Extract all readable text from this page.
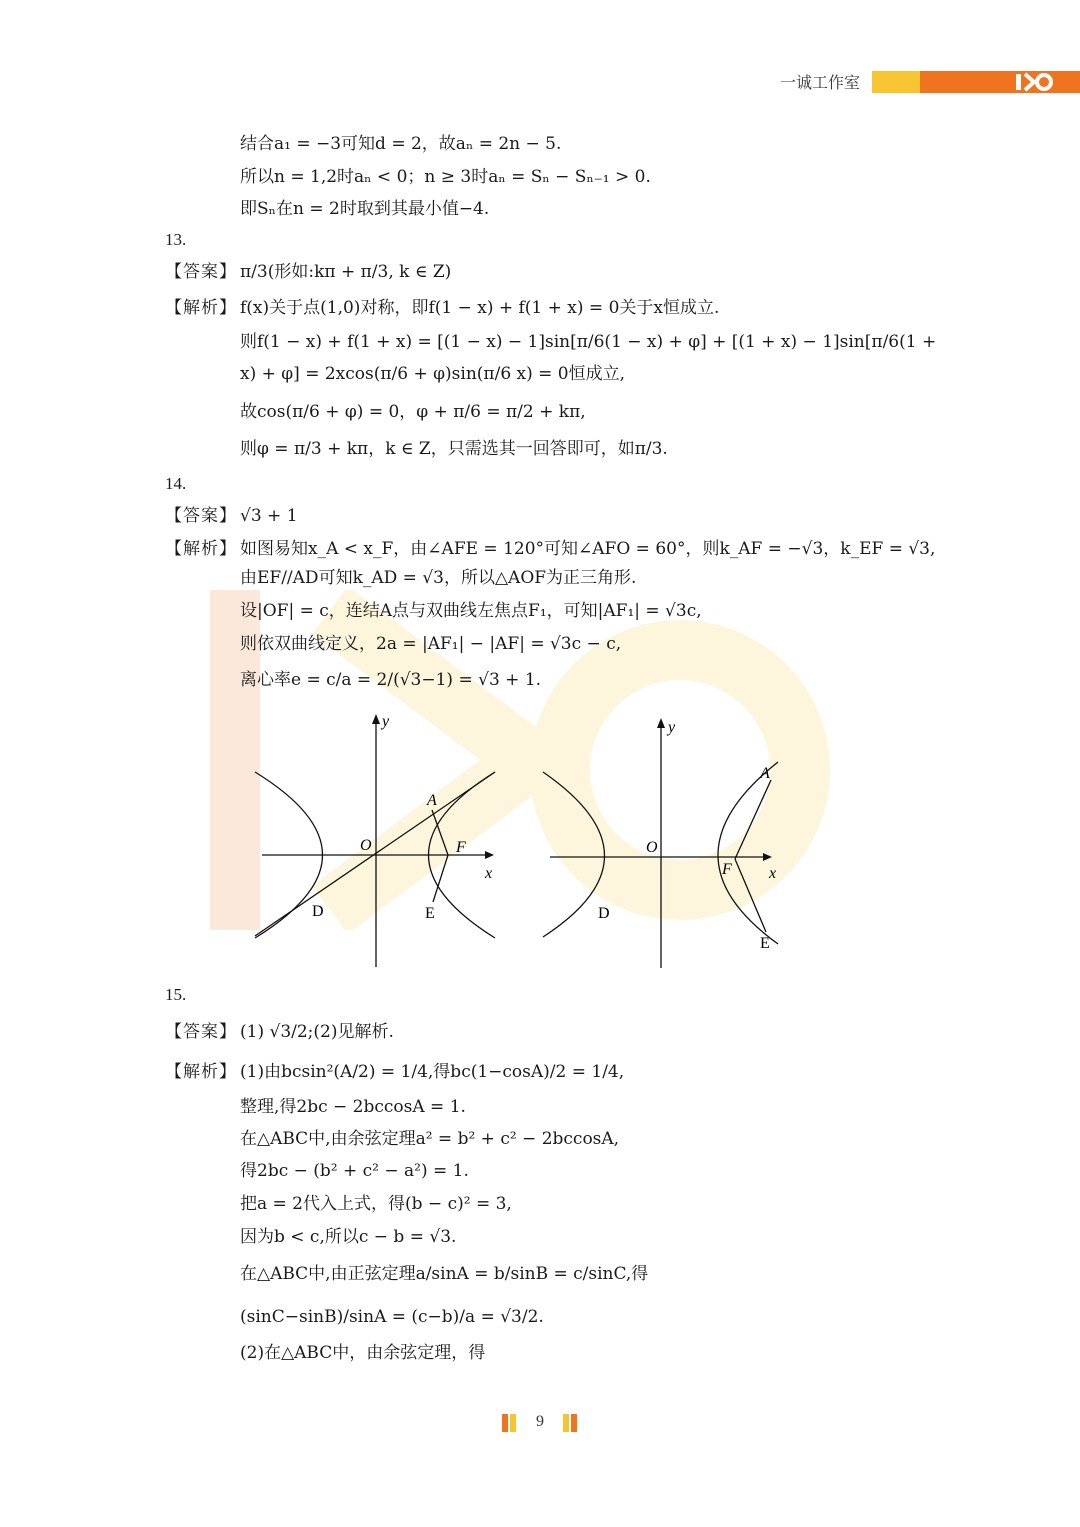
一诚工作室
结合a₁ = −3可知d = 2，故aₙ = 2n − 5.
所以n = 1,2时aₙ < 0；n ≥ 3时aₙ = Sₙ − Sₙ₋₁ > 0.
即Sₙ在n = 2时取到其最小值−4.
13.
【答案】 π/3(形如:kπ + π/3, k ∈ Z)
【解析】 f(x)关于点(1,0)对称，即f(1 − x) + f(1 + x) = 0关于x恒成立.
则f(1 − x) + f(1 + x) = [(1 − x) − 1]sin[π/6(1 − x) + φ] + [(1 + x) − 1]sin[π/6(1 +
x) + φ] = 2xcos(π/6 + φ)sin(π/6 x) = 0恒成立,
故cos(π/6 + φ) = 0，φ + π/6 = π/2 + kπ,
则φ = π/3 + kπ，k ∈ Z，只需选其一回答即可，如π/3.
14.
【答案】 √3 + 1
【解析】 如图易知x_A < x_F，由∠AFE = 120°可知∠AFO = 60°，则k_AF = −√3，k_EF = √3,
由EF//AD可知k_AD = √3，所以△AOF为正三角形.
设|OF| = c，连结A点与双曲线左焦点F₁，可知|AF₁| = √3c,
则依双曲线定义，2a = |AF₁| − |AF| = √3c − c,
离心率e = c/a = 2/(√3−1) = √3 + 1.
y
x
O
A
F
D	E
y
x
O
A
F
D
E
15.
【答案】 (1) √3/2;(2)见解析.
【解析】 (1)由bcsin²(A/2) = 1/4,得bc(1−cosA)/2 = 1/4,
整理,得2bc − 2bccosA = 1.
在△ABC中,由余弦定理a² = b² + c² − 2bccosA,
得2bc − (b² + c² − a²) = 1.
把a = 2代入上式，得(b − c)² = 3,
因为b < c,所以c − b = √3.
在△ABC中,由正弦定理a/sinA = b/sinB = c/sinC,得
(sinC−sinB)/sinA = (c−b)/a = √3/2.
(2)在△ABC中，由余弦定理，得
9
